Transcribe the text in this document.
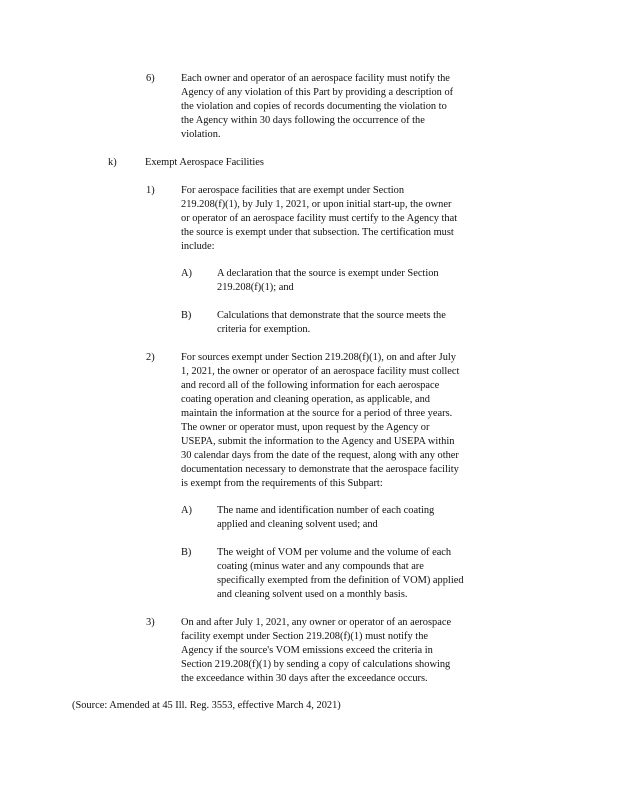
6)	Each owner and operator of an aerospace facility must notify the
Agency of any violation of this Part by providing a description of
the violation and copies of records documenting the violation to
the Agency within 30 days following the occurrence of the
violation.
k)	Exempt Aerospace Facilities
1)	For aerospace facilities that are exempt under Section
219.208(f)(1), by July 1, 2021, or upon initial start-up, the owner
or operator of an aerospace facility must certify to the Agency that
the source is exempt under that subsection. The certification must
include:
A) A declaration that the source is exempt under Section
219.208(f)(1); and
B) Calculations that demonstrate that the source meets the
criteria for exemption.
2)	For sources exempt under Section 219.208(f)(1), on and after July
1, 2021, the owner or operator of an aerospace facility must collect
and record all of the following information for each aerospace
coating operation and cleaning operation, as applicable, and
maintain the information at the source for a period of three years.
The owner or operator must, upon request by the Agency or
USEPA, submit the information to the Agency and USEPA within
30 calendar days from the date of the request, along with any other
documentation necessary to demonstrate that the aerospace facility
is exempt from the requirements of this Subpart:
A) The name and identification number of each coating
applied and cleaning solvent used; and
B) The weight of VOM per volume and the volume of each
coating (minus water and any compounds that are
specifically exempted from the definition of VOM) applied
and cleaning solvent used on a monthly basis.
3)	On and after July 1, 2021, any owner or operator of an aerospace
facility exempt under Section 219.208(f)(1) must notify the
Agency if the source's VOM emissions exceed the criteria in
Section 219.208(f)(1) by sending a copy of calculations showing
the exceedance within 30 days after the exceedance occurs.
(Source: Amended at 45 Ill. Reg. 3553, effective March 4, 2021)
